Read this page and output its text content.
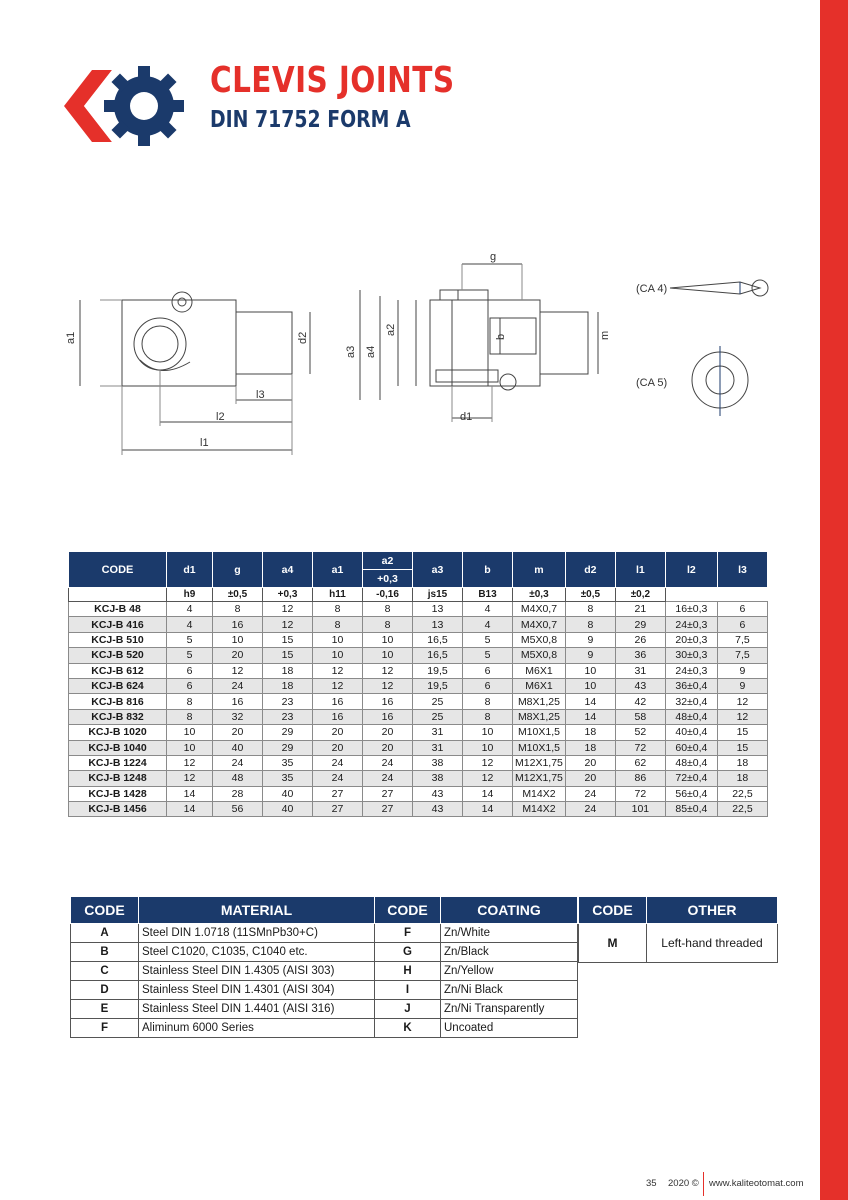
CLEVIS JOINTS
DIN 71752 FORM A
a1	d2
l3
l2
l1
g
a2
a3 a4
b	m
d1
(CA 4)
(CA 5)
CODE	d1	g	a4	a1	a2	a3	b	m	d2	l1	l2	l3
					+0,3							
	h9	±0,5	+0,3	h11	-0,16	js15	B13	±0,3	±0,5	±0,2		
KCJ-B 48	4	8	12	8	8	13	4	M4X0,7	8	21	16±0,3	6
KCJ-B 416	4	16	12	8	8	13	4	M4X0,7	8	29	24±0,3	6
KCJ-B 510	5	10	15	10	10	16,5	5	M5X0,8	9	26	20±0,3	7,5
KCJ-B 520	5	20	15	10	10	16,5	5	M5X0,8	9	36	30±0,3	7,5
KCJ-B 612	6	12	18	12	12	19,5	6	M6X1	10	31	24±0,3	9
KCJ-B 624	6	24	18	12	12	19,5	6	M6X1	10	43	36±0,4	9
KCJ-B 816	8	16	23	16	16	25	8	M8X1,25	14	42	32±0,4	12
KCJ-B 832	8	32	23	16	16	25	8	M8X1,25	14	58	48±0,4	12
KCJ-B 1020	10	20	29	20	20	31	10	M10X1,5	18	52	40±0,4	15
KCJ-B 1040	10	40	29	20	20	31	10	M10X1,5	18	72	60±0,4	15
KCJ-B 1224	12	24	35	24	24	38	12	M12X1,75	20	62	48±0,4	18
KCJ-B 1248	12	48	35	24	24	38	12	M12X1,75	20	86	72±0,4	18
KCJ-B 1428	14	28	40	27	27	43	14	M14X2	24	72	56±0,4	22,5
KCJ-B 1456	14	56	40	27	27	43	14	M14X2	24	101	85±0,4	22,5
CODE	MATERIAL	CODE	COATING
A	Steel DIN 1.0718 (11SMnPb30+C)	F	Zn/White
B	Steel C1020, C1035, C1040 etc.	G	Zn/Black
C	Stainless Steel DIN 1.4305 (AISI 303)	H	Zn/Yellow
D	Stainless Steel DIN 1.4301 (AISI 304)	I	Zn/Ni Black
E	Stainless Steel DIN 1.4401 (AISI 316)	J	Zn/Ni Transparently
F	Aliminum 6000 Series	K	Uncoated
CODE	OTHER
M	Left-hand threaded
35 2020 © www.kaliteotomat.com
